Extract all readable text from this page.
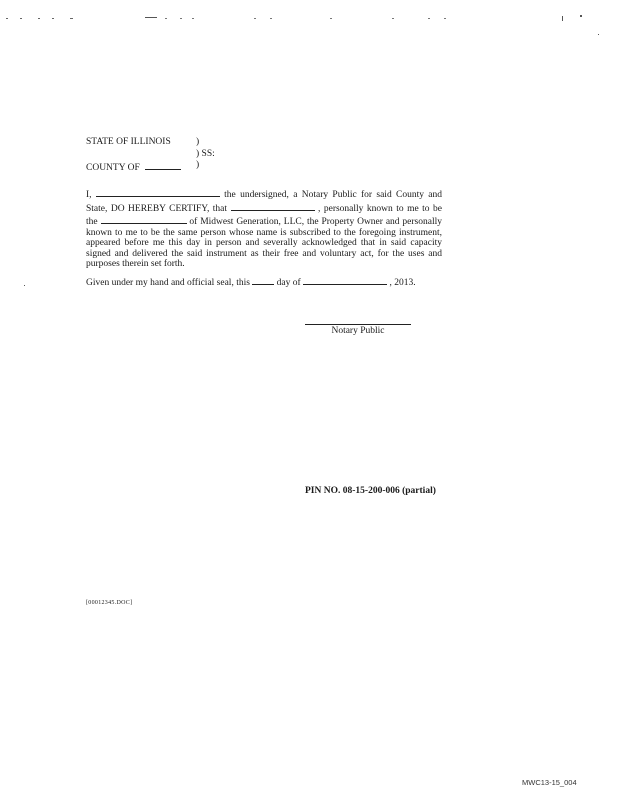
STATE OF ILLINOIS	)
) SS:
COUNTY OF	)

I,	the undersigned, a Notary Public for said County and State, DO HEREBY CERTIFY, that	, personally known to me to be the	of Midwest Generation, LLC, the Property Owner and personally known to me to be the same person whose name is subscribed to the foregoing instrument, appeared before me this day in person and severally acknowledged that in said capacity signed and delivered the said instrument as their free and voluntary act, for the uses and purposes therein set forth.

Given under my hand and official seal, this	day of	, 2013.
Notary Public
PIN NO. 08-15-200-006 (partial)
[00012345.DOC]
MWC13-15_004
